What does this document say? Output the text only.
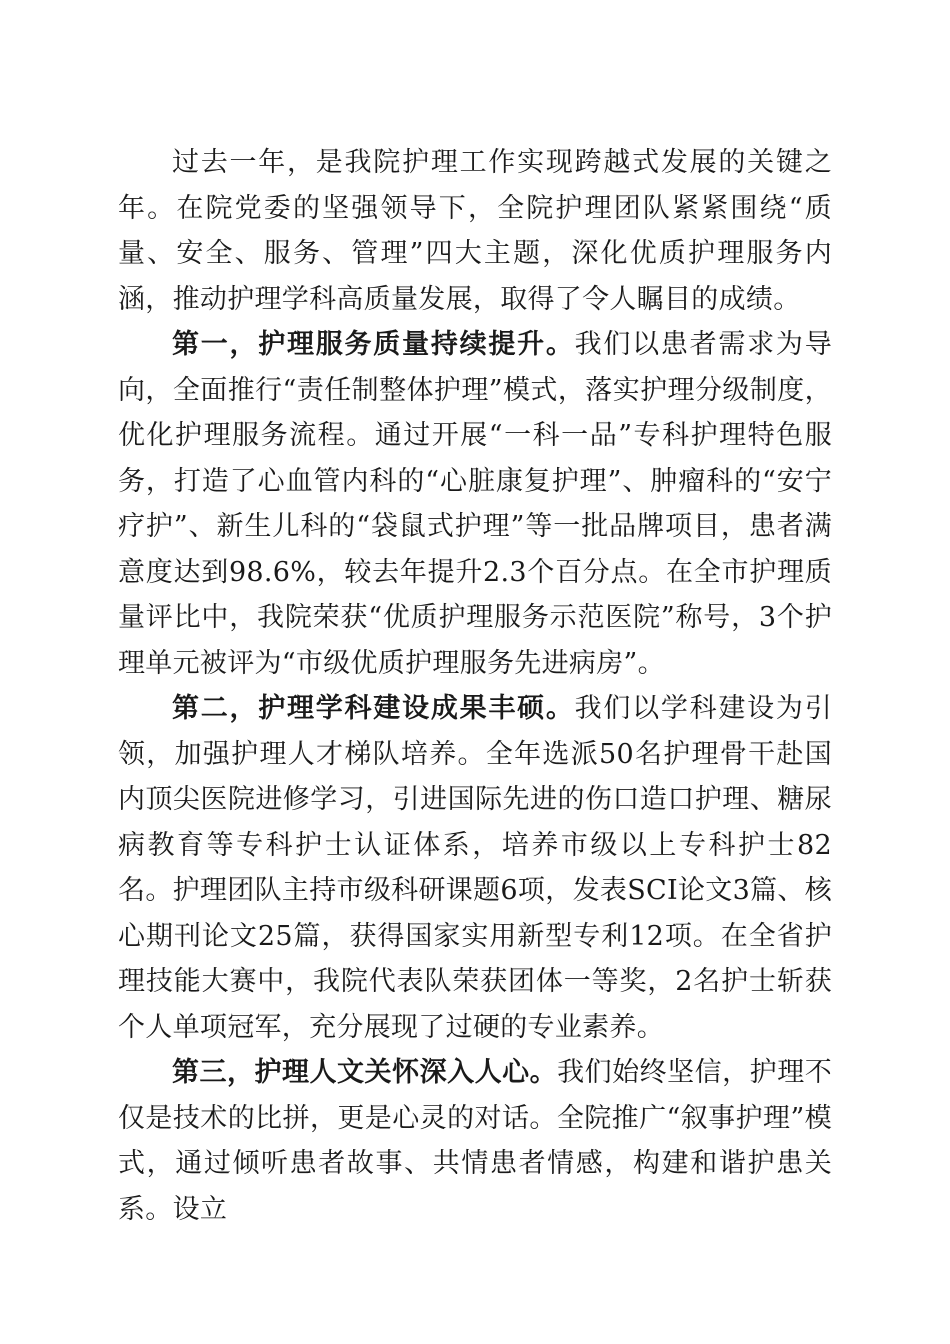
过去一年，是我院护理工作实现跨越式发展的关键之年。在院党委的坚强领导下，全院护理团队紧紧围绕“质量、安全、服务、管理”四大主题，深化优质护理服务内涵，推动护理学科高质量发展，取得了令人瞩目的成绩。

第一，护理服务质量持续提升。我们以患者需求为导向，全面推行“责任制整体护理”模式，落实护理分级制度，优化护理服务流程。通过开展“一科一品”专科护理特色服务，打造了心血管内科的“心脏康复护理”、肿瘤科的“安宁疗护”、新生儿科的“袋鼠式护理”等一批品牌项目，患者满意度达到98.6%，较去年提升2.3个百分点。在全市护理质量评比中，我院荣获“优质护理服务示范医院”称号，3个护理单元被评为“市级优质护理服务先进病房”。

第二，护理学科建设成果丰硕。我们以学科建设为引领，加强护理人才梯队培养。全年选派50名护理骨干赴国内顶尖医院进修学习，引进国际先进的伤口造口护理、糖尿病教育等专科护士认证体系，培养市级以上专科护士82名。护理团队主持市级科研课题6项，发表SCI论文3篇、核心期刊论文25篇，获得国家实用新型专利12项。在全省护理技能大赛中，我院代表队荣获团体一等奖，2名护士斩获个人单项冠军，充分展现了过硬的专业素养。

第三，护理人文关怀深入人心。我们始终坚信，护理不仅是技术的比拼，更是心灵的对话。全院推广“叙事护理”模式，通过倾听患者故事、共情患者情感，构建和谐护患关系。设立
